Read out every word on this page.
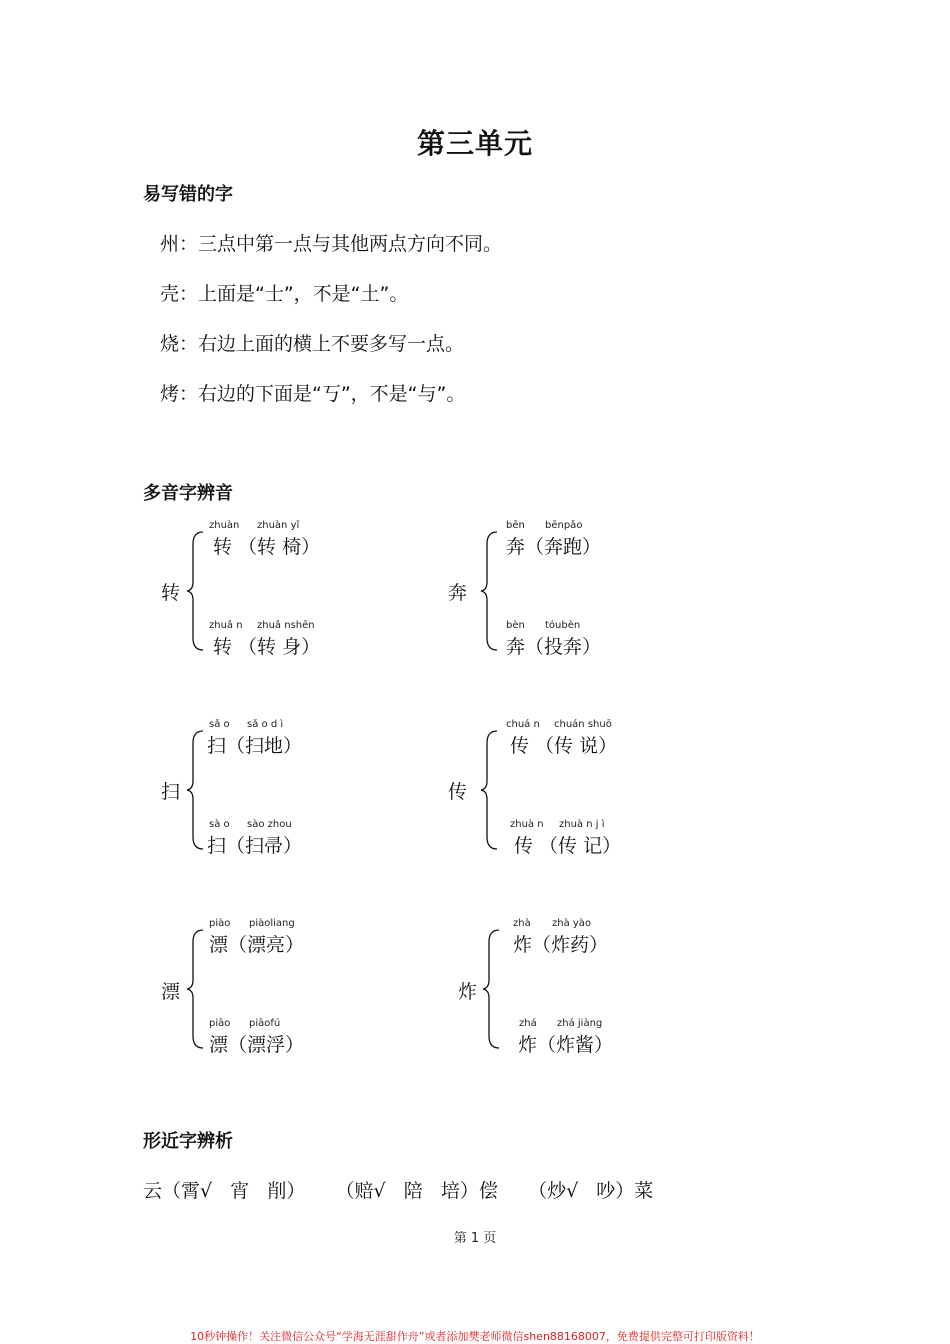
第三单元
易写错的字
州：三点中第一点与其他两点方向不同。
壳：上面是“士”，不是“土”。
烧：右边上面的横上不要多写一点。
烤：右边的下面是“丂”，不是“与”。
多音字辨音
转
zhuàn zhuàn yǐ
转 （转 椅）
zhuǎ n zhuǎ nshēn
转 （转 身）
奔
bēn bēnpǎo
奔（奔跑）
bèn tóubèn
奔（投奔）
扫
sǎ o sǎ o d ì
扫（扫地）
sà o sào zhou
扫（扫帚）
传
chuá n chuán shuō
传 （传 说）
zhuà n zhuà n j ì
传 （传 记）
漂
piào piàoliang
漂（漂亮）
piāo piāofú
漂（漂浮）
炸
zhà zhà yào
炸（炸药）
zhá zhá jiàng
炸（炸酱）
形近字辨析
云（霄√   宵   削）     （赔√   陪   培）偿     （炒√   吵）菜
第 1 页
10秒钟操作！关注微信公众号“学海无涯甜作舟”或者添加樊老师微信shen88168007，免费提供完整可打印版资料！
